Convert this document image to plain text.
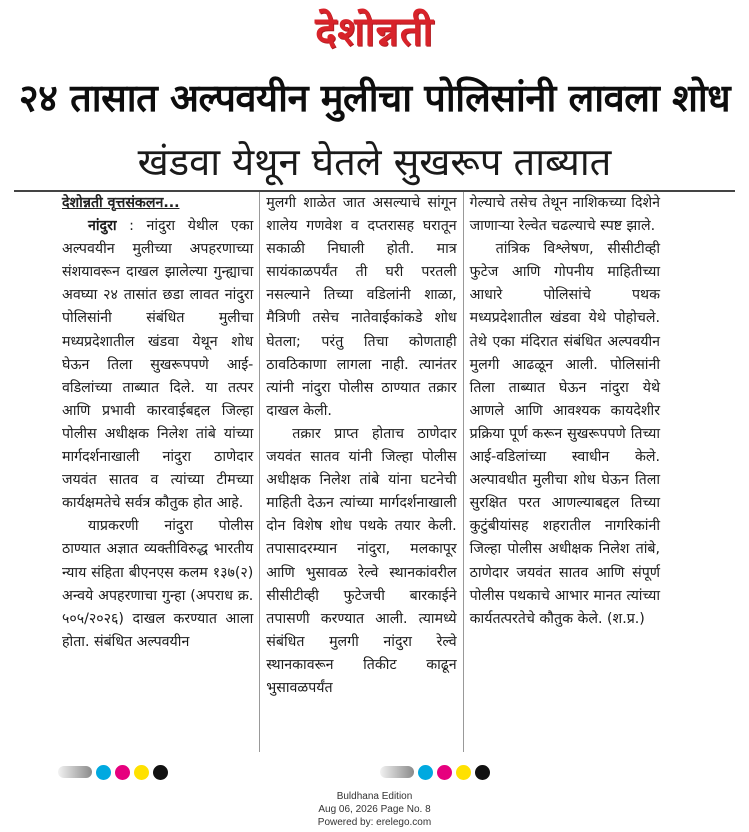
देशोन्नती
२४ तासात अल्पवयीन मुलीचा पोलिसांनी लावला शोध
खंडवा येथून घेतले सुखरूप ताब्यात
देशोन्नती वृत्तसंकलन...

नांदुरा : नांदुरा येथील एका अल्पवयीन मुलीच्या अपहरणाच्या संशयावरून दाखल झालेल्या गुन्ह्याचा अवघ्या २४ तासांत छडा लावत नांदुरा पोलिसांनी संबंधित मुलीचा मध्यप्रदेशातील खंडवा येथून शोध घेऊन तिला सुखरूपपणे आई-वडिलांच्या ताब्यात दिले. या तत्पर आणि प्रभावी कारवाईबद्दल जिल्हा पोलीस अधीक्षक निलेश तांबे यांच्या मार्गदर्शनाखाली नांदुरा ठाणेदार जयवंत सातव व त्यांच्या टीमच्या कार्यक्षमतेचे सर्वत्र कौतुक होत आहे.

याप्रकरणी नांदुरा पोलीस ठाण्यात अज्ञात व्यक्तीविरुद्ध भारतीय न्याय संहिता बीएनएस कलम १३७(२) अन्वये अपहरणाचा गुन्हा (अपराध क्र. ५०५/२०२६) दाखल करण्यात आला होता. संबंधित अल्पवयीन

मुलगी शाळेत जात असल्याचे सांगून शालेय गणवेश व दप्तरासह घरातून सकाळी निघाली होती. मात्र सायंकाळपर्यंत ती घरी परतली नसल्याने तिच्या वडिलांनी शाळा, मैत्रिणी तसेच नातेवाईकांकडे शोध घेतला; परंतु तिचा कोणताही ठावठिकाणा लागला नाही. त्यानंतर त्यांनी नांदुरा पोलीस ठाण्यात तक्रार दाखल केली.

तक्रार प्राप्त होताच ठाणेदार जयवंत सातव यांनी जिल्हा पोलीस अधीक्षक निलेश तांबे यांना घटनेची माहिती देऊन त्यांच्या मार्गदर्शनाखाली दोन विशेष शोध पथके तयार केली. तपासादरम्यान नांदुरा, मलकापूर आणि भुसावळ रेल्वे स्थानकांवरील सीसीटीव्ही फुटेजची बारकाईने तपासणी करण्यात आली. त्यामध्ये संबंधित मुलगी नांदुरा रेल्वे स्थानकावरून तिकीट काढून भुसावळपर्यंत

गेल्याचे तसेच तेथून नाशिकच्या दिशेने जाणाऱ्या रेल्वेत चढल्याचे स्पष्ट झाले.

तांत्रिक विश्लेषण, सीसीटीव्ही फुटेज आणि गोपनीय माहितीच्या आधारे पोलिसांचे पथक मध्यप्रदेशातील खंडवा येथे पोहोचले. तेथे एका मंदिरात संबंधित अल्पवयीन मुलगी आढळून आली. पोलिसांनी तिला ताब्यात घेऊन नांदुरा येथे आणले आणि आवश्यक कायदेशीर प्रक्रिया पूर्ण करून सुखरूपपणे तिच्या आई-वडिलांच्या स्वाधीन केले. अल्पावधीत मुलीचा शोध घेऊन तिला सुरक्षित परत आणल्याबद्दल तिच्या कुटुंबीयांसह शहरातील नागरिकांनी जिल्हा पोलीस अधीक्षक निलेश तांबे, ठाणेदार जयवंत सातव आणि संपूर्ण पोलीस पथकाचे आभार मानत त्यांच्या कार्यतत्परतेचे कौतुक केले. (श.प्र.)

Buldhana Edition
Aug 06, 2026 Page No. 8
Powered by: erelego.com
